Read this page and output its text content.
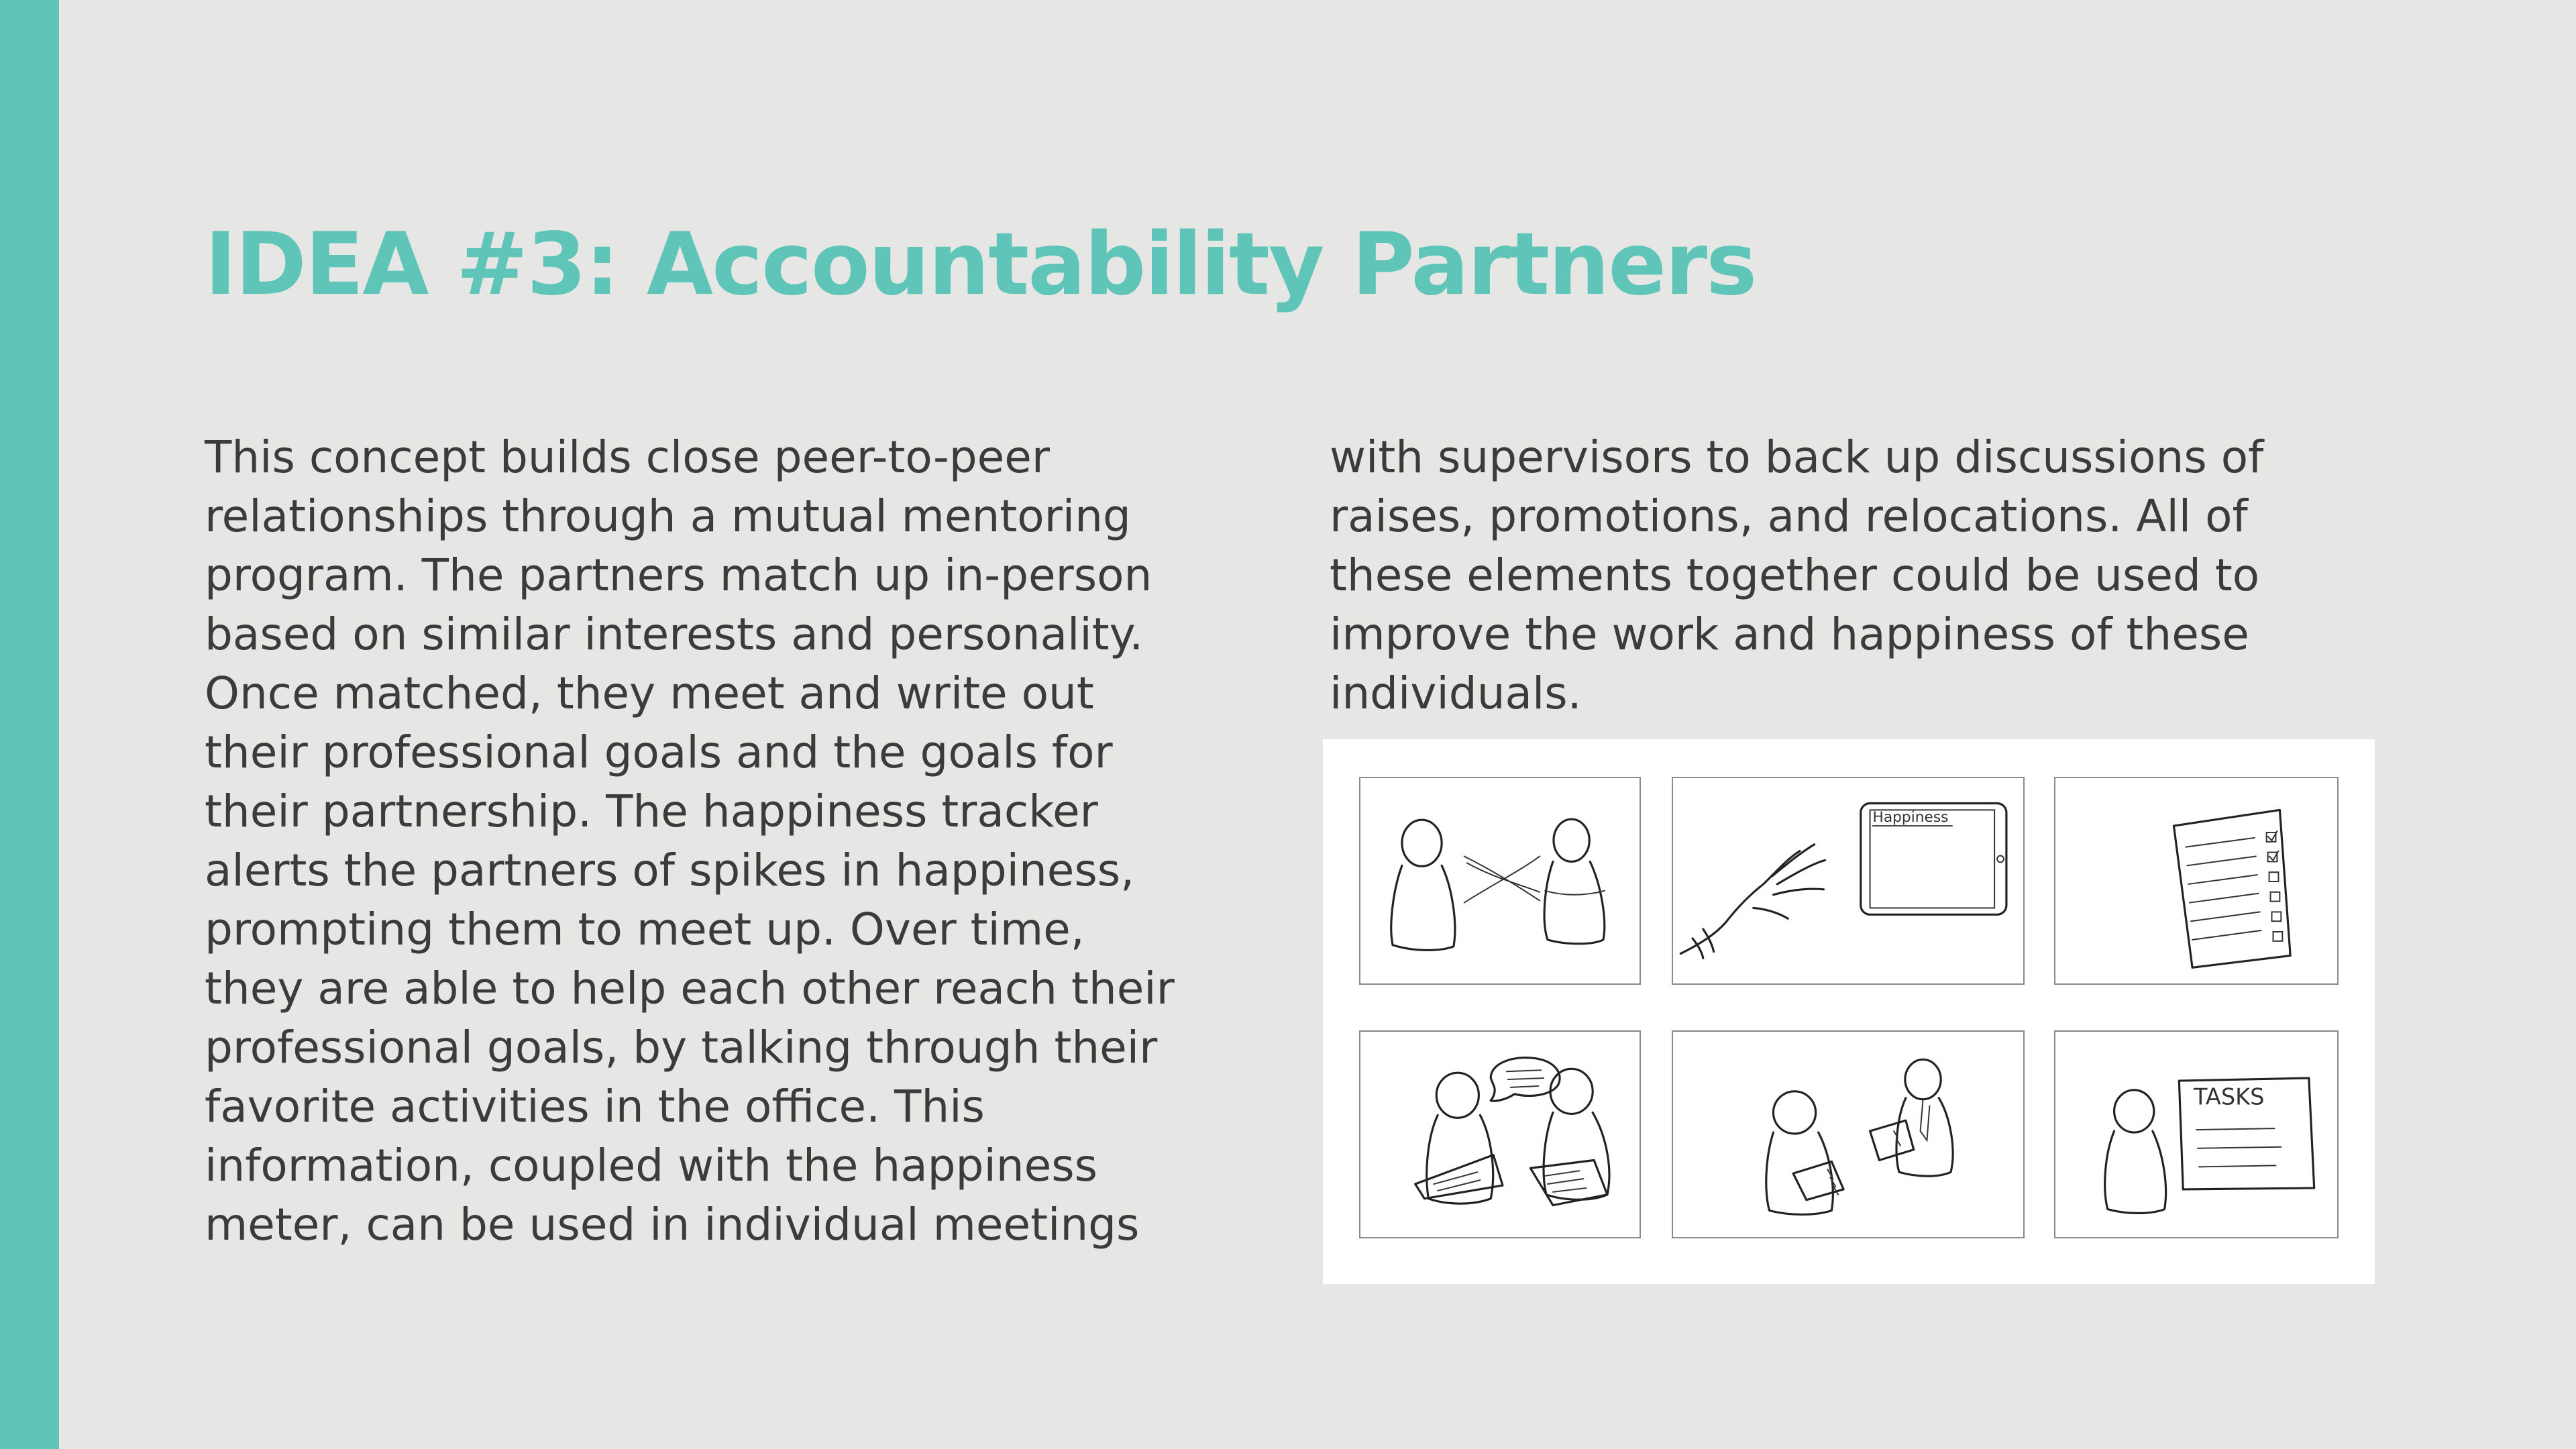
IDEA #3: Accountability Partners
This concept builds close peer-to-peer
relationships through a mutual mentoring
program. The partners match up in-person
based on similar interests and personality.
Once matched, they meet and write out
their professional goals and the goals for
their partnership. The happiness tracker
alerts the partners of spikes in happiness,
prompting them to meet up. Over time,
they are able to help each other reach their
professional goals, by talking through their
favorite activities in the office. This
information, coupled with the happiness
meter, can be used in individual meetings
with supervisors to back up discussions of
raises, promotions, and relocations. All of
these elements together could be used to
improve the work and happiness of these
individuals.
Happiness
TASKS
